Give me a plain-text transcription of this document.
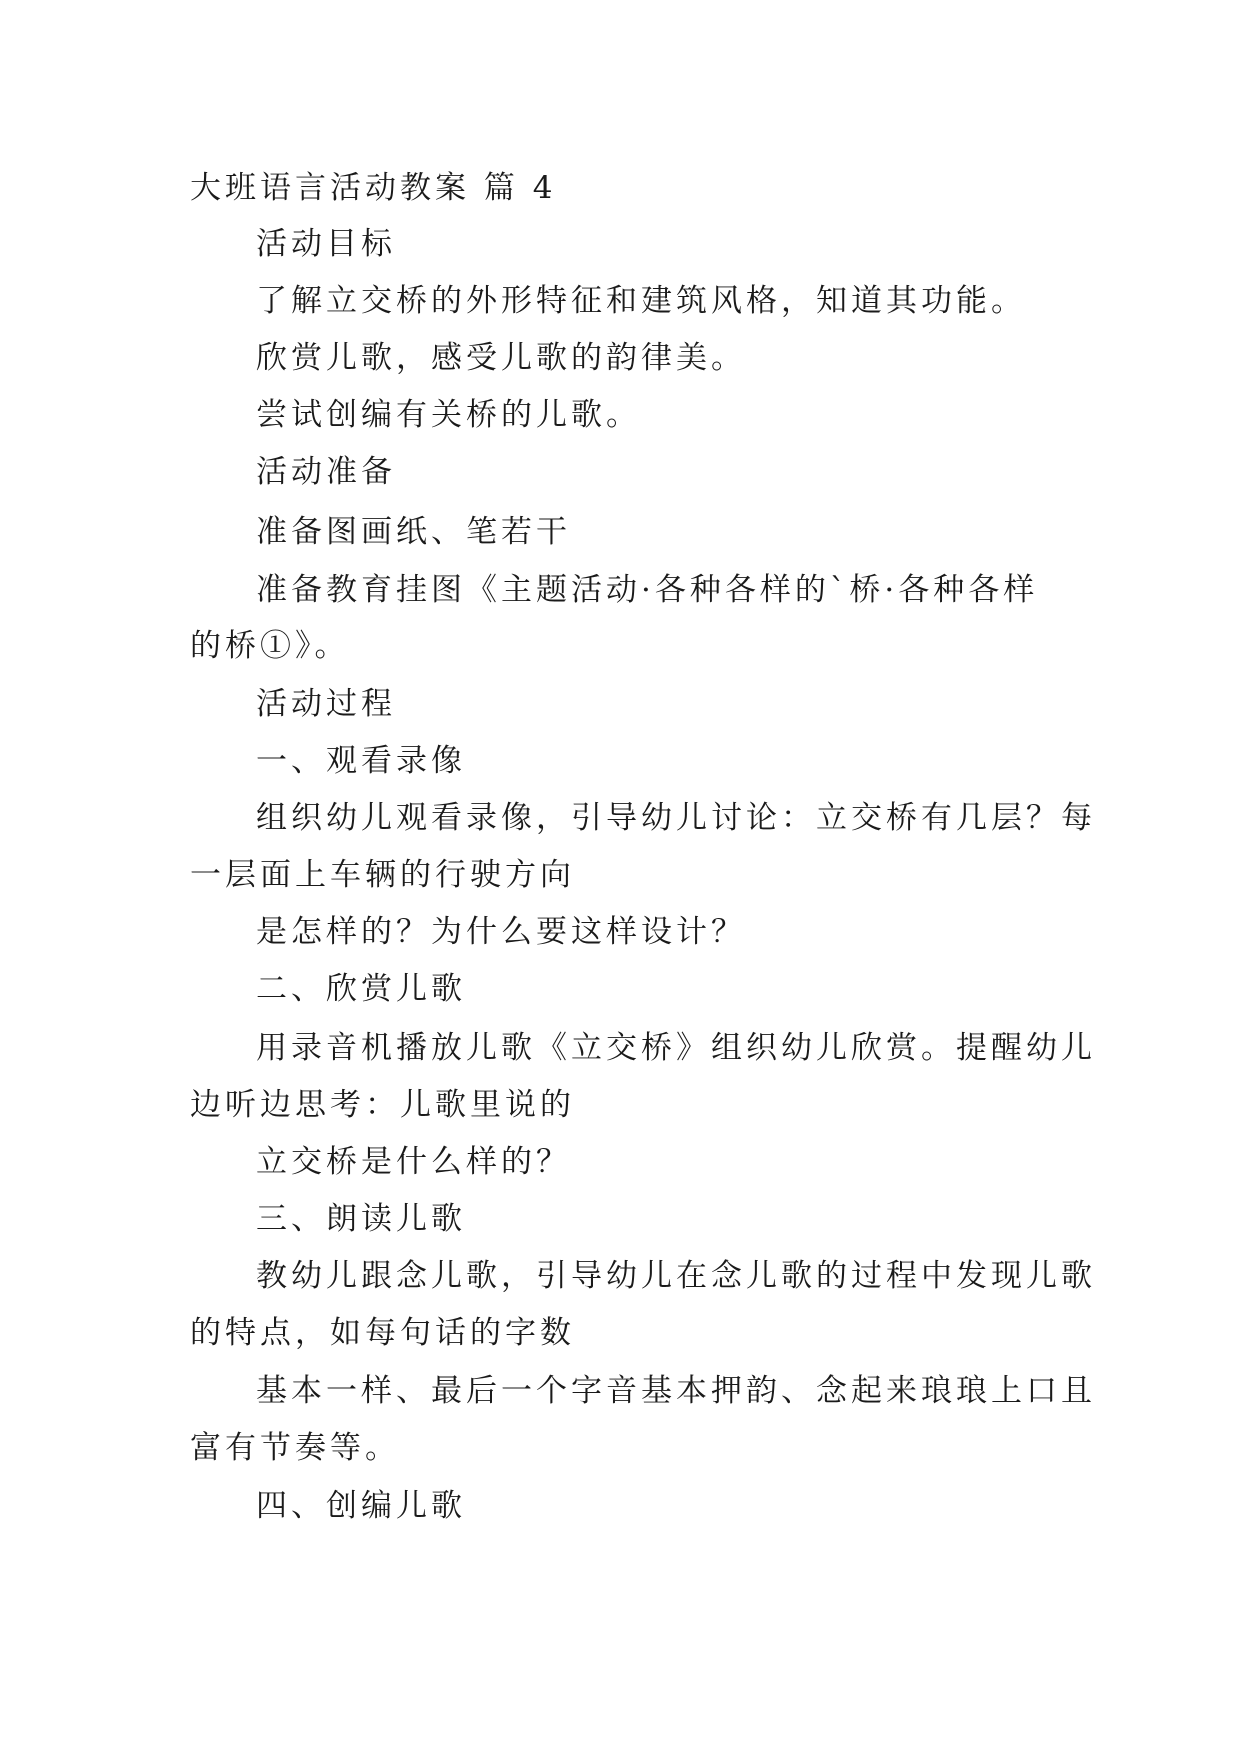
大班语言活动教案 篇 4
活动目标
了解立交桥的外形特征和建筑风格，知道其功能。
欣赏儿歌，感受儿歌的韵律美。
尝试创编有关桥的儿歌。
活动准备
准备图画纸、笔若干
准备教育挂图《主题活动·各种各样的`桥·各种各样
的桥①》。
活动过程
一、观看录像
组织幼儿观看录像，引导幼儿讨论：立交桥有几层？每
一层面上车辆的行驶方向
是怎样的？为什么要这样设计？
二、欣赏儿歌
用录音机播放儿歌《立交桥》组织幼儿欣赏。提醒幼儿
边听边思考：儿歌里说的
立交桥是什么样的？
三、朗读儿歌
教幼儿跟念儿歌，引导幼儿在念儿歌的过程中发现儿歌
的特点，如每句话的字数
基本一样、最后一个字音基本押韵、念起来琅琅上口且
富有节奏等。
四、创编儿歌
